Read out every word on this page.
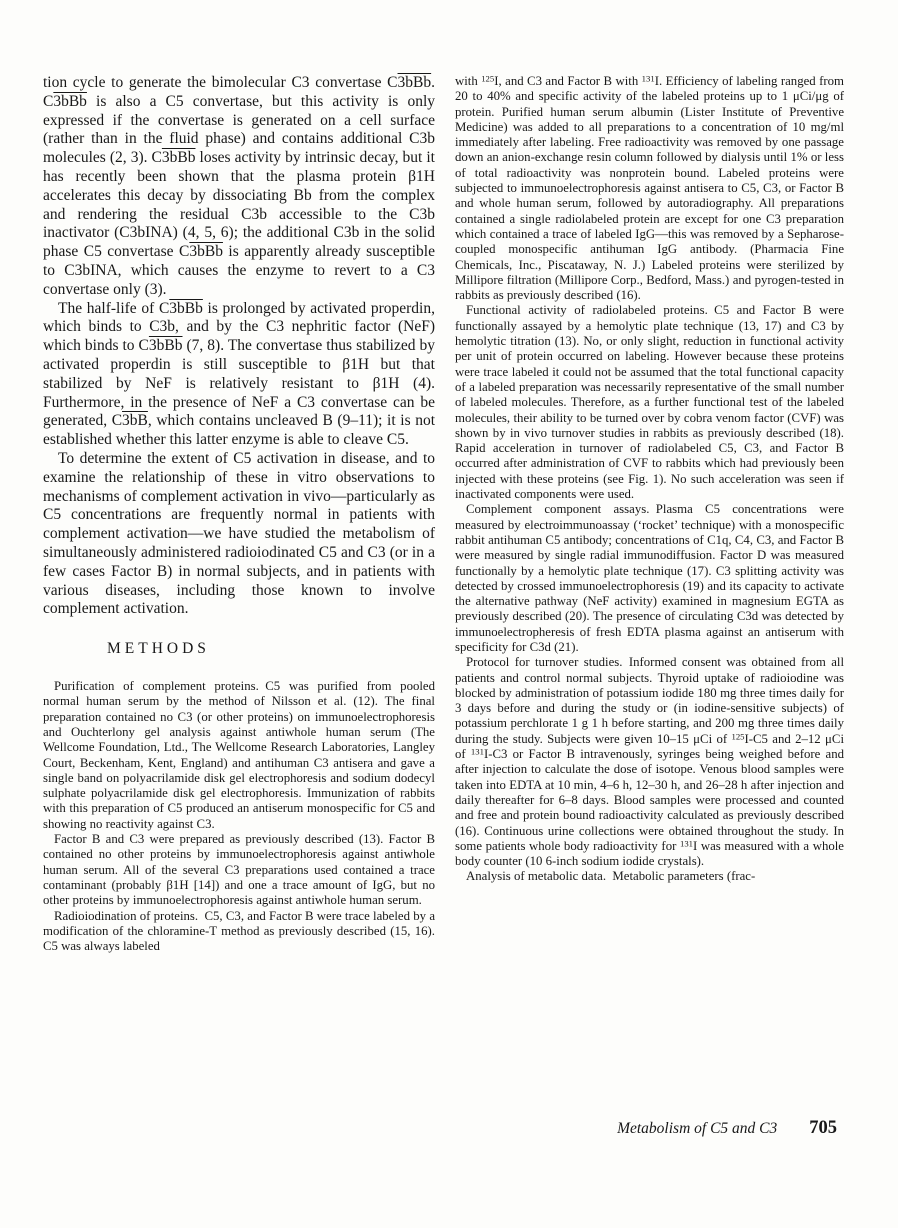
tion cycle to generate the bimolecular C3 convertase C3bBb. C3bBb is also a C5 convertase, but this activity is only expressed if the convertase is generated on a cell surface (rather than in the fluid phase) and contains additional C3b molecules (2, 3). C3bBb loses activity by intrinsic decay, but it has recently been shown that the plasma protein β1H accelerates this decay by dissociating Bb from the complex and rendering the residual C3b accessible to the C3b inactivator (C3bINA) (4, 5, 6); the additional C3b in the solid phase C5 convertase C3bBb is apparently already susceptible to C3bINA, which causes the enzyme to revert to a C3 convertase only (3).

The half-life of C3bBb is prolonged by activated properdin, which binds to C3b, and by the C3 nephritic factor (NeF) which binds to C3bBb (7, 8). The convertase thus stabilized by activated properdin is still susceptible to β1H but that stabilized by NeF is relatively resistant to β1H (4). Furthermore, in the presence of NeF a C3 convertase can be generated, C3bB, which contains uncleaved B (9–11); it is not established whether this latter enzyme is able to cleave C5.

To determine the extent of C5 activation in disease, and to examine the relationship of these in vitro observations to mechanisms of complement activation in vivo—particularly as C5 concentrations are frequently normal in patients with complement activation—we have studied the metabolism of simultaneously administered radioiodinated C5 and C3 (or in a few cases Factor B) in normal subjects, and in patients with various diseases, including those known to involve complement activation.

METHODS

Purification of complement proteins. C5 was purified from pooled normal human serum by the method of Nilsson et al. (12). The final preparation contained no C3 (or other proteins) on immunoelectrophoresis and Ouchterlony gel analysis against antiwhole human serum (The Wellcome Foundation, Ltd., The Wellcome Research Laboratories, Langley Court, Beckenham, Kent, England) and antihuman C3 antisera and gave a single band on polyacrilamide disk gel electrophoresis and sodium dodecyl sulphate polyacrilamide disk gel electrophoresis. Immunization of rabbits with this preparation of C5 produced an antiserum monospecific for C5 and showing no reactivity against C3.

Factor B and C3 were prepared as previously described (13). Factor B contained no other proteins by immunoelectrophoresis against antiwhole human serum. All of the several C3 preparations used contained a trace contaminant (probably β1H [14]) and one a trace amount of IgG, but no other proteins by immunoelectrophoresis against antiwhole human serum.

Radioiodination of proteins. C5, C3, and Factor B were trace labeled by a modification of the chloramine-T method as previously described (15, 16). C5 was always labeled

with $^{125}$I, and C3 and Factor B with $^{131}$I. Efficiency of labeling ranged from 20 to 40% and specific activity of the labeled proteins up to 1 μCi/μg of protein. Purified human serum albumin (Lister Institute of Preventive Medicine) was added to all preparations to a concentration of 10 mg/ml immediately after labeling. Free radioactivity was removed by one passage down an anion-exchange resin column followed by dialysis until 1% or less of total radioactivity was nonprotein bound. Labeled proteins were subjected to immunoelectrophoresis against antisera to C5, C3, or Factor B and whole human serum, followed by autoradiography. All preparations contained a single radiolabeled protein are except for one C3 preparation which contained a trace of labeled IgG—this was removed by a Sepharose-coupled monospecific antihuman IgG antibody. (Pharmacia Fine Chemicals, Inc., Piscataway, N. J.) Labeled proteins were sterilized by Millipore filtration (Millipore Corp., Bedford, Mass.) and pyrogen-tested in rabbits as previously described (16).

Functional activity of radiolabeled proteins. C5 and Factor B were functionally assayed by a hemolytic plate technique (13, 17) and C3 by hemolytic titration (13). No, or only slight, reduction in functional activity per unit of protein occurred on labeling. However because these proteins were trace labeled it could not be assumed that the total functional capacity of a labeled preparation was necessarily representative of the small number of labeled molecules. Therefore, as a further functional test of the labeled molecules, their ability to be turned over by cobra venom factor (CVF) was shown by in vivo turnover studies in rabbits as previously described (18). Rapid acceleration in turnover of radiolabeled C5, C3, and Factor B occurred after administration of CVF to rabbits which had previously been injected with these proteins (see Fig. 1). No such acceleration was seen if inactivated components were used.

Complement component assays. Plasma C5 concentrations were measured by electroimmunoassay (‘rocket’ technique) with a monospecific rabbit antihuman C5 antibody; concentrations of C1q, C4, C3, and Factor B were measured by single radial immunodiffusion. Factor D was measured functionally by a hemolytic plate technique (17). C3 splitting activity was detected by crossed immunoelectrophoresis (19) and its capacity to activate the alternative pathway (NeF activity) examined in magnesium EGTA as previously described (20). The presence of circulating C3d was detected by immunoelectropheresis of fresh EDTA plasma against an antiserum with specificity for C3d (21).

Protocol for turnover studies. Informed consent was obtained from all patients and control normal subjects. Thyroid uptake of radioiodine was blocked by administration of potassium iodide 180 mg three times daily for 3 days before and during the study or (in iodine-sensitive subjects) of potassium perchlorate 1 g 1 h before starting, and 200 mg three times daily during the study. Subjects were given 10–15 μCi of $^{125}$I-C5 and 2–12 μCi of $^{131}$I-C3 or Factor B intravenously, syringes being weighed before and after injection to calculate the dose of isotope. Venous blood samples were taken into EDTA at 10 min, 4–6 h, 12–30 h, and 26–28 h after injection and daily thereafter for 6–8 days. Blood samples were processed and counted and free and protein bound radioactivity calculated as previously described (16). Continuous urine collections were obtained throughout the study. In some patients whole body radioactivity for $^{131}$I was measured with a whole body counter (10 6-inch sodium iodide crystals).

Analysis of metabolic data. Metabolic parameters (frac-

Metabolism of C5 and C3 705
